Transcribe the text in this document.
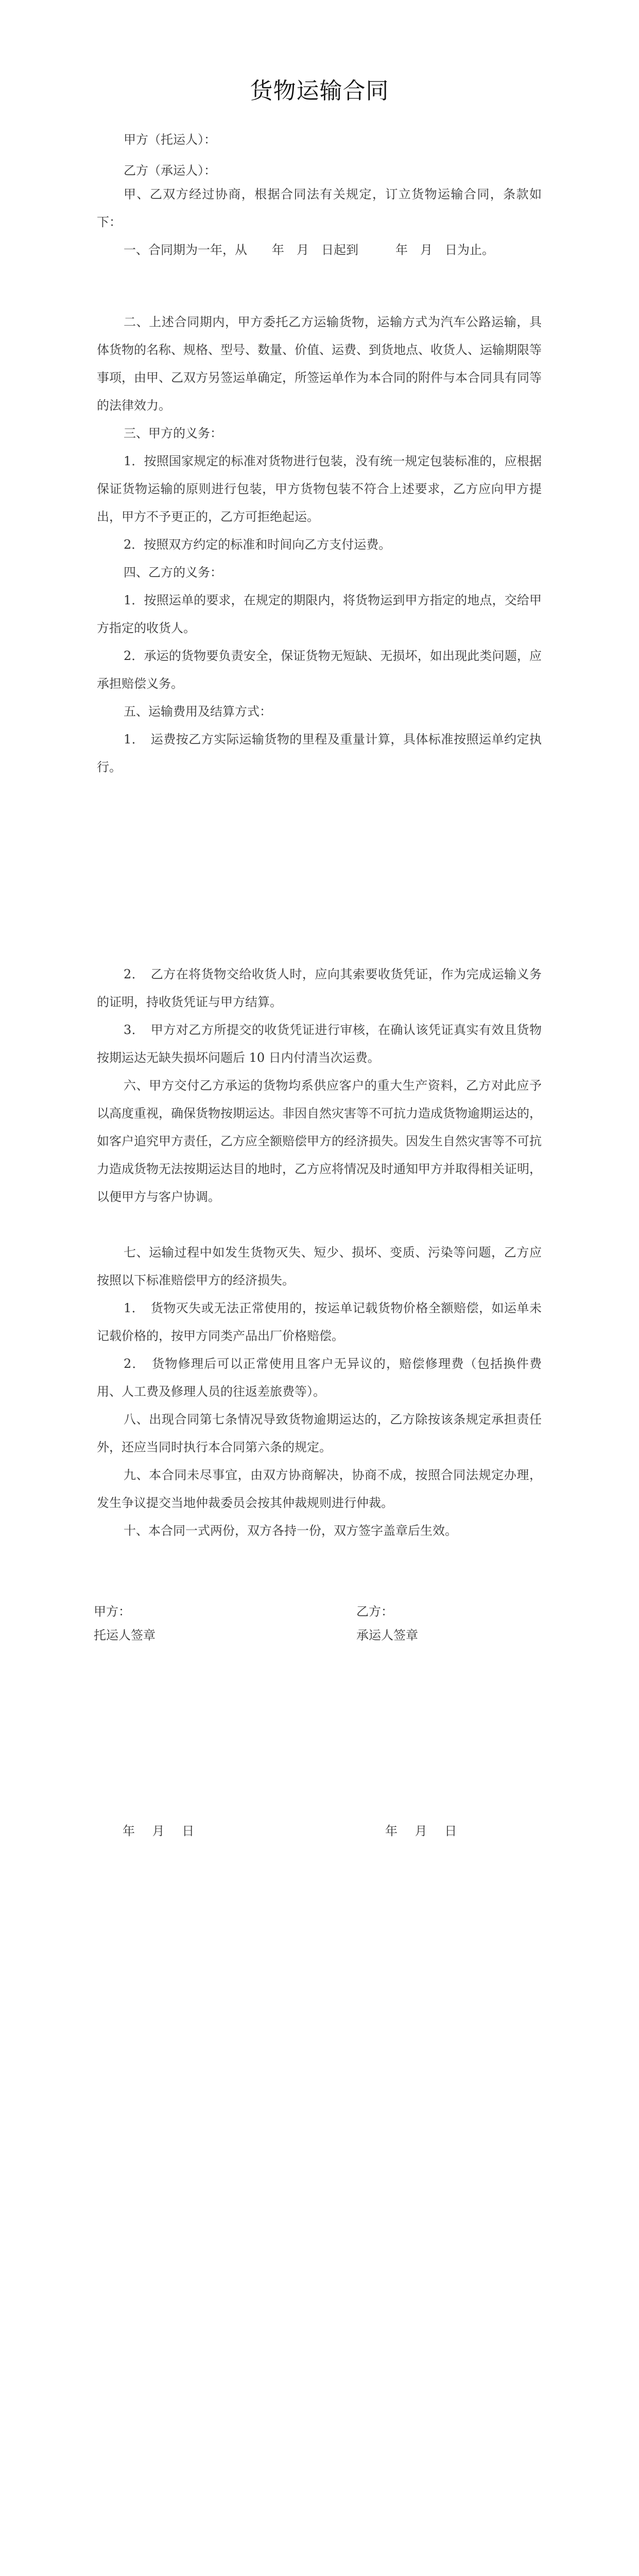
货物运输合同

甲方（托运人）：

乙方（承运人）：

甲、乙双方经过协商，根据合同法有关规定，订立货物运输合同，条款如下：

一、合同期为一年，从　　年　月　日起到　　　年　月　日为止。

二、上述合同期内，甲方委托乙方运输货物，运输方式为汽车公路运输，具体货物的名称、规格、型号、数量、价值、运费、到货地点、收货人、运输期限等事项，由甲、乙双方另签运单确定，所签运单作为本合同的附件与本合同具有同等的法律效力。

三、甲方的义务：

1．按照国家规定的标准对货物进行包装，没有统一规定包装标准的，应根据保证货物运输的原则进行包装，甲方货物包装不符合上述要求，乙方应向甲方提出，甲方不予更正的，乙方可拒绝起运。

2．按照双方约定的标准和时间向乙方支付运费。

四、乙方的义务：

1．按照运单的要求，在规定的期限内，将货物运到甲方指定的地点，交给甲方指定的收货人。

2．承运的货物要负责安全，保证货物无短缺、无损坏，如出现此类问题，应承担赔偿义务。

五、运输费用及结算方式：

1．　运费按乙方实际运输货物的里程及重量计算，具体标准按照运单约定执行。

2．　乙方在将货物交给收货人时，应向其索要收货凭证，作为完成运输义务的证明，持收货凭证与甲方结算。

3．　甲方对乙方所提交的收货凭证进行审核，在确认该凭证真实有效且货物按期运达无缺失损坏问题后 10 日内付清当次运费。

六、甲方交付乙方承运的货物均系供应客户的重大生产资料，乙方对此应予以高度重视，确保货物按期运达。非因自然灾害等不可抗力造成货物逾期运达的，如客户追究甲方责任，乙方应全额赔偿甲方的经济损失。因发生自然灾害等不可抗力造成货物无法按期运达目的地时，乙方应将情况及时通知甲方并取得相关证明，以便甲方与客户协调。

七、运输过程中如发生货物灭失、短少、损坏、变质、污染等问题，乙方应按照以下标准赔偿甲方的经济损失。

1．　货物灭失或无法正常使用的，按运单记载货物价格全额赔偿，如运单未记载价格的，按甲方同类产品出厂价格赔偿。

2．　货物修理后可以正常使用且客户无异议的，赔偿修理费（包括换件费用、人工费及修理人员的往返差旅费等）。

八、出现合同第七条情况导致货物逾期运达的，乙方除按该条规定承担责任外，还应当同时执行本合同第六条的规定。

九、本合同未尽事宜，由双方协商解决，协商不成，按照合同法规定办理，发生争议提交当地仲裁委员会按其仲裁规则进行仲裁。

十、本合同一式两份，双方各持一份，双方签字盖章后生效。

甲方：

托运人签章

乙方：

承运人签章

年 月 日	年 月 日
